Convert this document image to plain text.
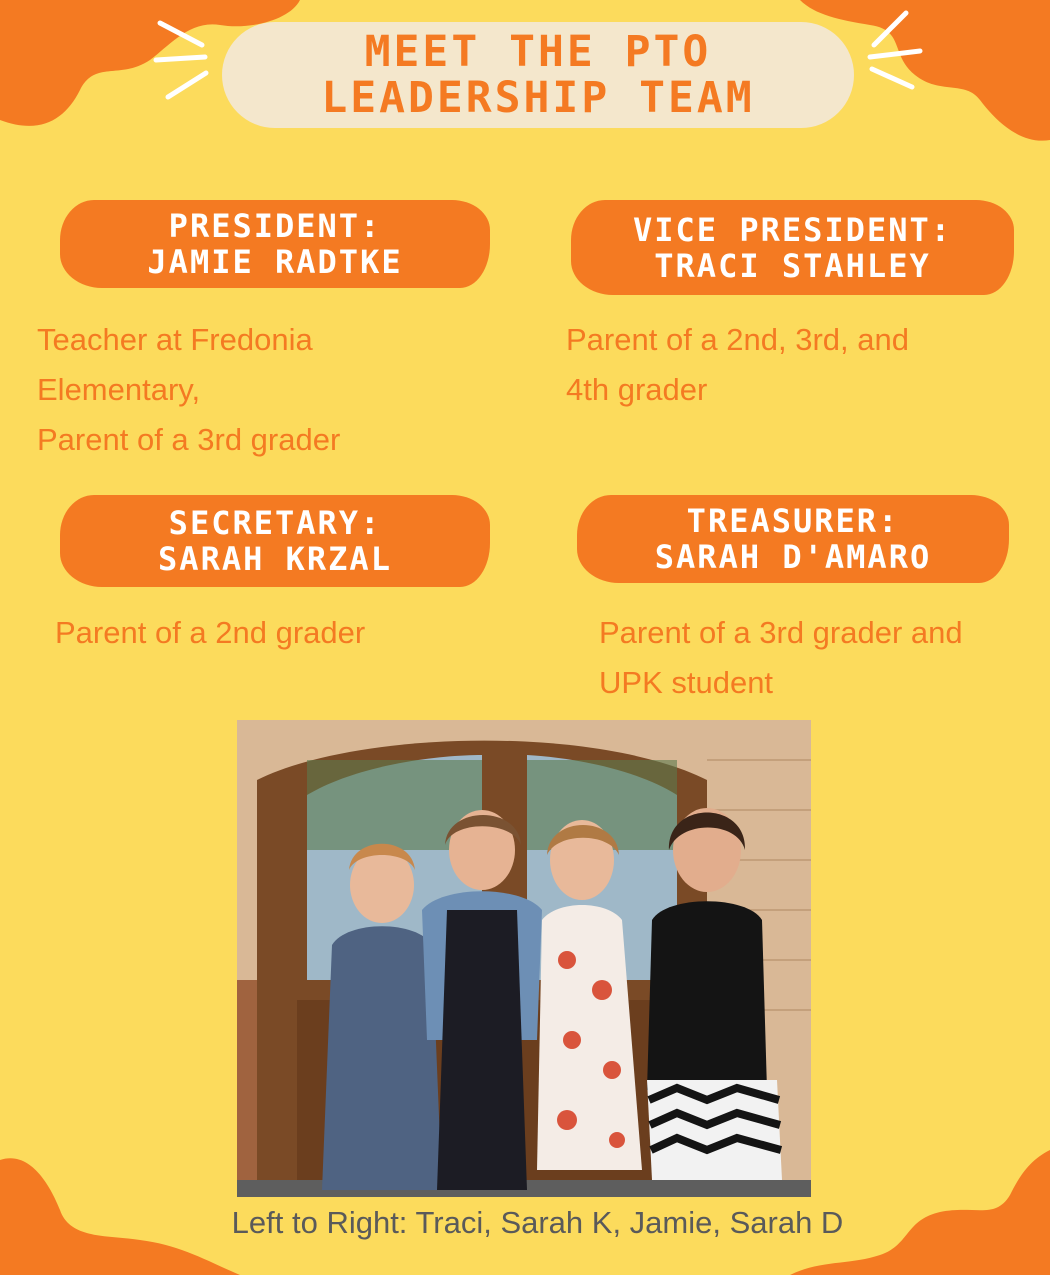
MEET THE PTO
LEADERSHIP TEAM
PRESIDENT:
JAMIE RADTKE
Teacher at Fredonia
Elementary,
Parent of a 3rd grader
VICE PRESIDENT:
TRACI STAHLEY
Parent of a 2nd, 3rd, and
4th grader
SECRETARY:
SARAH KRZAL
Parent of a 2nd grader
TREASURER:
SARAH D'AMARO
Parent of a 3rd grader and
UPK student
Left to Right: Traci, Sarah K, Jamie, Sarah D
